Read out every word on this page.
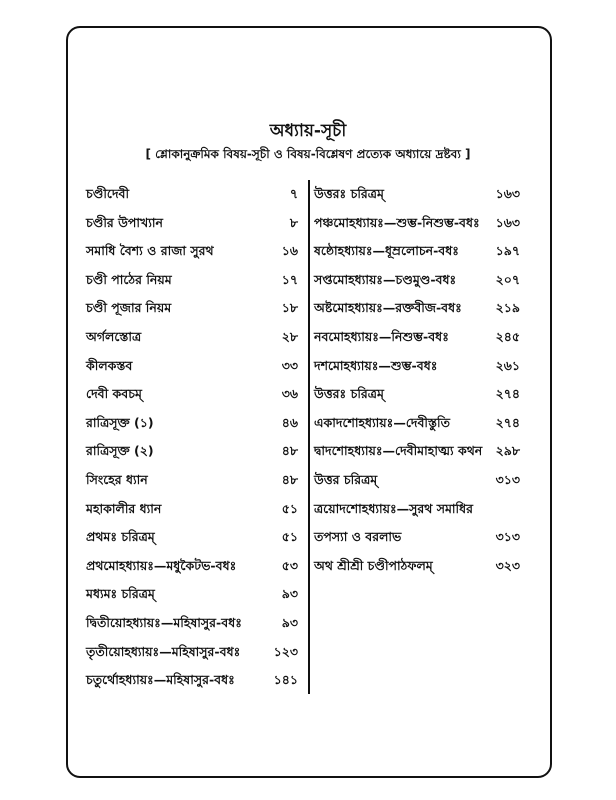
অধ্যায়-সূচী
[ শ্লোকানুক্রমিক বিষয়-সূচী ও বিষয়-বিশ্লেষণ প্রত্যেক অধ্যায়ে দ্রষ্টব্য ]
চণ্ডীদেবী	৭
চণ্ডীর উপাখ্যান	৮
সমাধি বৈশ্য ও রাজা সুরথ	১৬
চণ্ডী পাঠের নিয়ম	১৭
চণ্ডী পূজার নিয়ম	১৮
অর্গলস্তোত্র	২৮
কীলকস্তব	৩৩
দেবী কবচম্	৩৬
রাত্রিসূক্ত (১)	৪৬
রাত্রিসূক্ত (২)	৪৮
সিংহের ধ্যান	৪৮
মহাকালীর ধ্যান	৫১
প্রথমঃ চরিত্রম্	৫১
প্রথমোহধ্যায়ঃ—মধুকৈটভ-বধঃ	৫৩
মধ্যমঃ চরিত্রম্	৯৩
দ্বিতীয়োহধ্যায়ঃ—মহিষাসুর-বধঃ	৯৩
তৃতীয়োহধ্যায়ঃ—মহিষাসুর-বধঃ	১২৩
চতুর্থোহধ্যায়ঃ—মহিষাসুর-বধঃ	১৪১
উত্তরঃ চরিত্রম্	১৬৩
পঞ্চমোহধ্যায়ঃ—শুম্ভ-নিশুম্ভ-বধঃ ১৬৩
ষষ্ঠোহধ্যায়ঃ—ধূম্রলোচন-বধঃ	১৯৭
সপ্তমোহধ্যায়ঃ—চণ্ডমুণ্ড-বধঃ	২০৭
অষ্টমোহধ্যায়ঃ—রক্তবীজ-বধঃ	২১৯
নবমোহধ্যায়ঃ—নিশুম্ভ-বধঃ	২৪৫
দশমোহধ্যায়ঃ—শুম্ভ-বধঃ	২৬১
উত্তরঃ চরিত্রম্	২৭৪
একাদশোহধ্যায়ঃ—দেবীস্তুতি	২৭৪
দ্বাদশোহধ্যায়ঃ—দেবীমাহাত্ম্য কথন ২৯৮
উত্তর চরিত্রম্	৩১৩
ত্রয়োদশোহধ্যায়ঃ—সুরথ সমাধির
তপস্যা ও বরলাভ	৩১৩
অথ শ্রীশ্রী চণ্ডীপাঠফলম্	৩২৩
